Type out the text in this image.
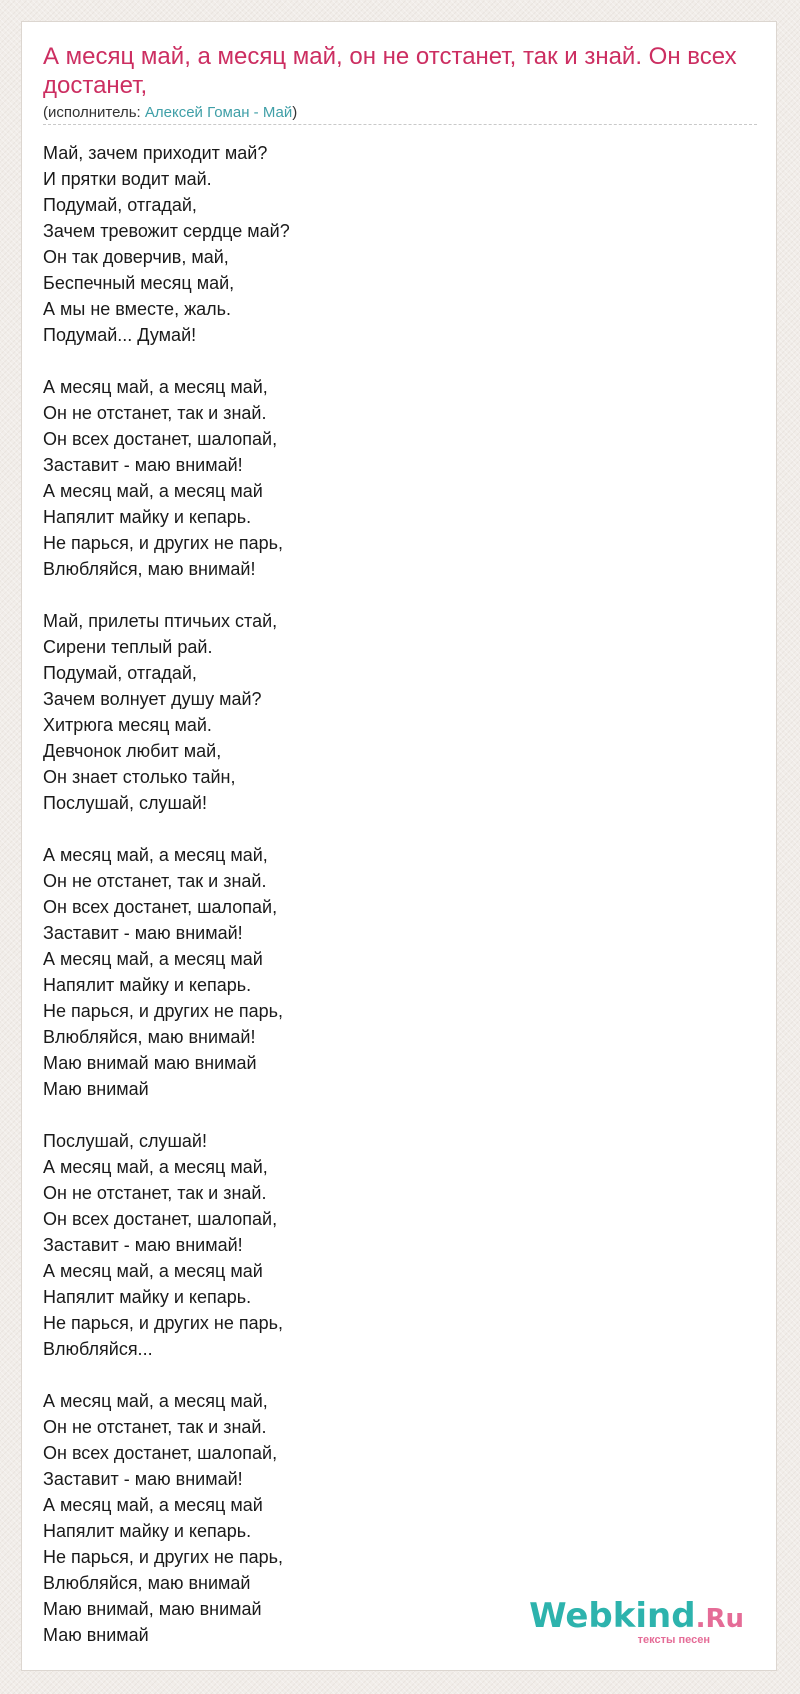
А месяц май, а месяц май, он не отстанет, так и знай. Он всех достанет,
(исполнитель: Алексей Гоман - Май)
Май, зачем приходит май?
И прятки водит май.
Подумай, отгадай,
Зачем тревожит сердце май?
Он так доверчив, май,
Беспечный месяц май,
А мы не вместе, жаль.
Подумай... Думай!
А месяц май, а месяц май,
Он не отстанет, так и знай.
Он всех достанет, шалопай,
Заставит - маю внимай!
А месяц май, а месяц май
Напялит майку и кепарь.
Не парься, и других не парь,
Влюбляйся, маю внимай!
Май, прилеты птичьих стай,
Сирени теплый рай.
Подумай, отгадай,
Зачем волнует душу май?
Хитрюга месяц май.
Девчонок любит май,
Он знает столько тайн,
Послушай, слушай!
А месяц май, а месяц май,
Он не отстанет, так и знай.
Он всех достанет, шалопай,
Заставит - маю внимай!
А месяц май, а месяц май
Напялит майку и кепарь.
Не парься, и других не парь,
Влюбляйся, маю внимай!
Маю внимай маю внимай
Маю внимай
Послушай, слушай!
А месяц май, а месяц май,
Он не отстанет, так и знай.
Он всех достанет, шалопай,
Заставит - маю внимай!
А месяц май, а месяц май
Напялит майку и кепарь.
Не парься, и других не парь,
Влюбляйся...
А месяц май, а месяц май,
Он не отстанет, так и знай.
Он всех достанет, шалопай,
Заставит - маю внимай!
А месяц май, а месяц май
Напялит майку и кепарь.
Не парься, и других не парь,
Влюбляйся, маю внимай
Маю внимай, маю внимай
Маю внимай	Webkind.Ru
тексты песен
